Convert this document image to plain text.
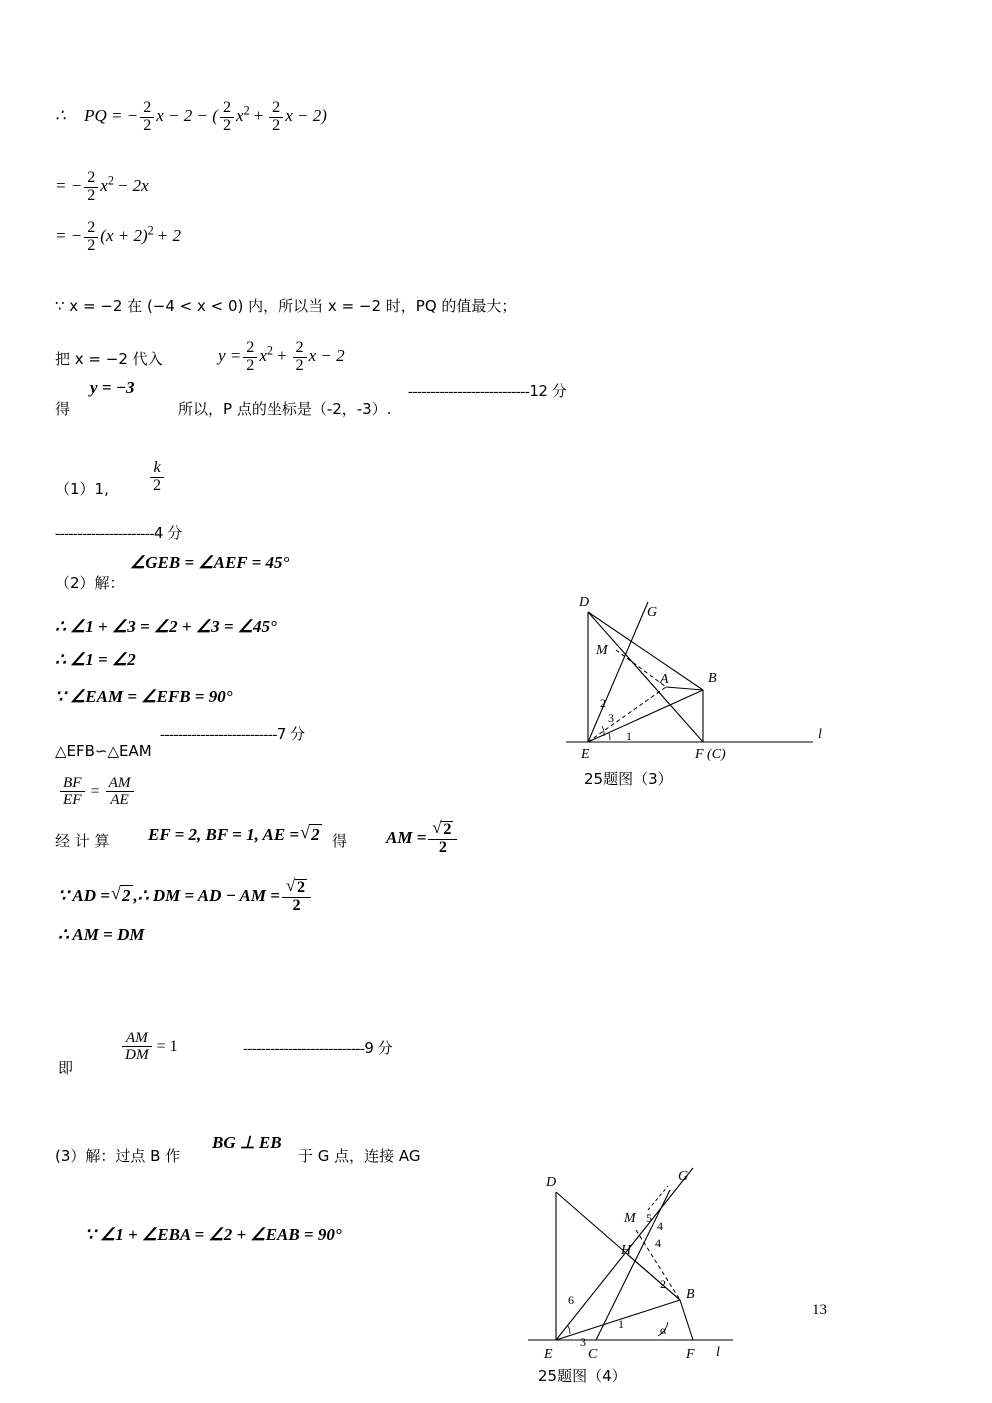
∴ PQ = − $\frac{2}{2}$ x − 2 − ( $\frac{2}{2} x^2 + \frac{2}{2}$ x − 2)
= − $\frac{2}{2} x^2 - 2x$
= − $\frac{2}{2} (x + 2)^2 + 2$
∵ x = −2 在 (−4 < x < 0) 内，所以当 x = −2 时，PQ 的值最大；
把 x = −2 代入	$y = \frac{2}{2} x^2 + \frac{2}{2}$ x − 2
得
y = −3	---------------------------12 分
所以，P 点的坐标是（-2，-3）.
（1）1,	$\frac{k}{2}$
----------------------4 分
（2）解：
∠GEB = ∠AEF = 45°
∴ ∠1 + ∠3 = ∠2 + ∠3 = ∠45°
∴ ∠1 = ∠2
∵ ∠EAM = ∠EFB = 90°
--------------------------7 分
△EFB∽△EAM
$\frac{BF}{EF} = \frac{AM}{AE}$
经 计 算 EF = 2, BF = 1, AE = √ 2 得 AM = √ $\frac{2}{2}$
∵ AD = √ 2 ,∴ DM = AD − AM = √ $\frac{2}{2}$
∴ AM = DM
即
$\frac{AM}{DM} = 1$	---------------------------9 分
(3）解：过点 B 作
BG ⊥ EB
于 G 点，连接 AG
∵ ∠1 + ∠EBA = ∠2 + ∠EAB = 90°
D
G
M
B
A
2
3
1
E	F (C)
l
25题图（3）
D
M
G
5
4
H 4
6
2
B
1
3
α
E	C	F l
25题图（4）
13
